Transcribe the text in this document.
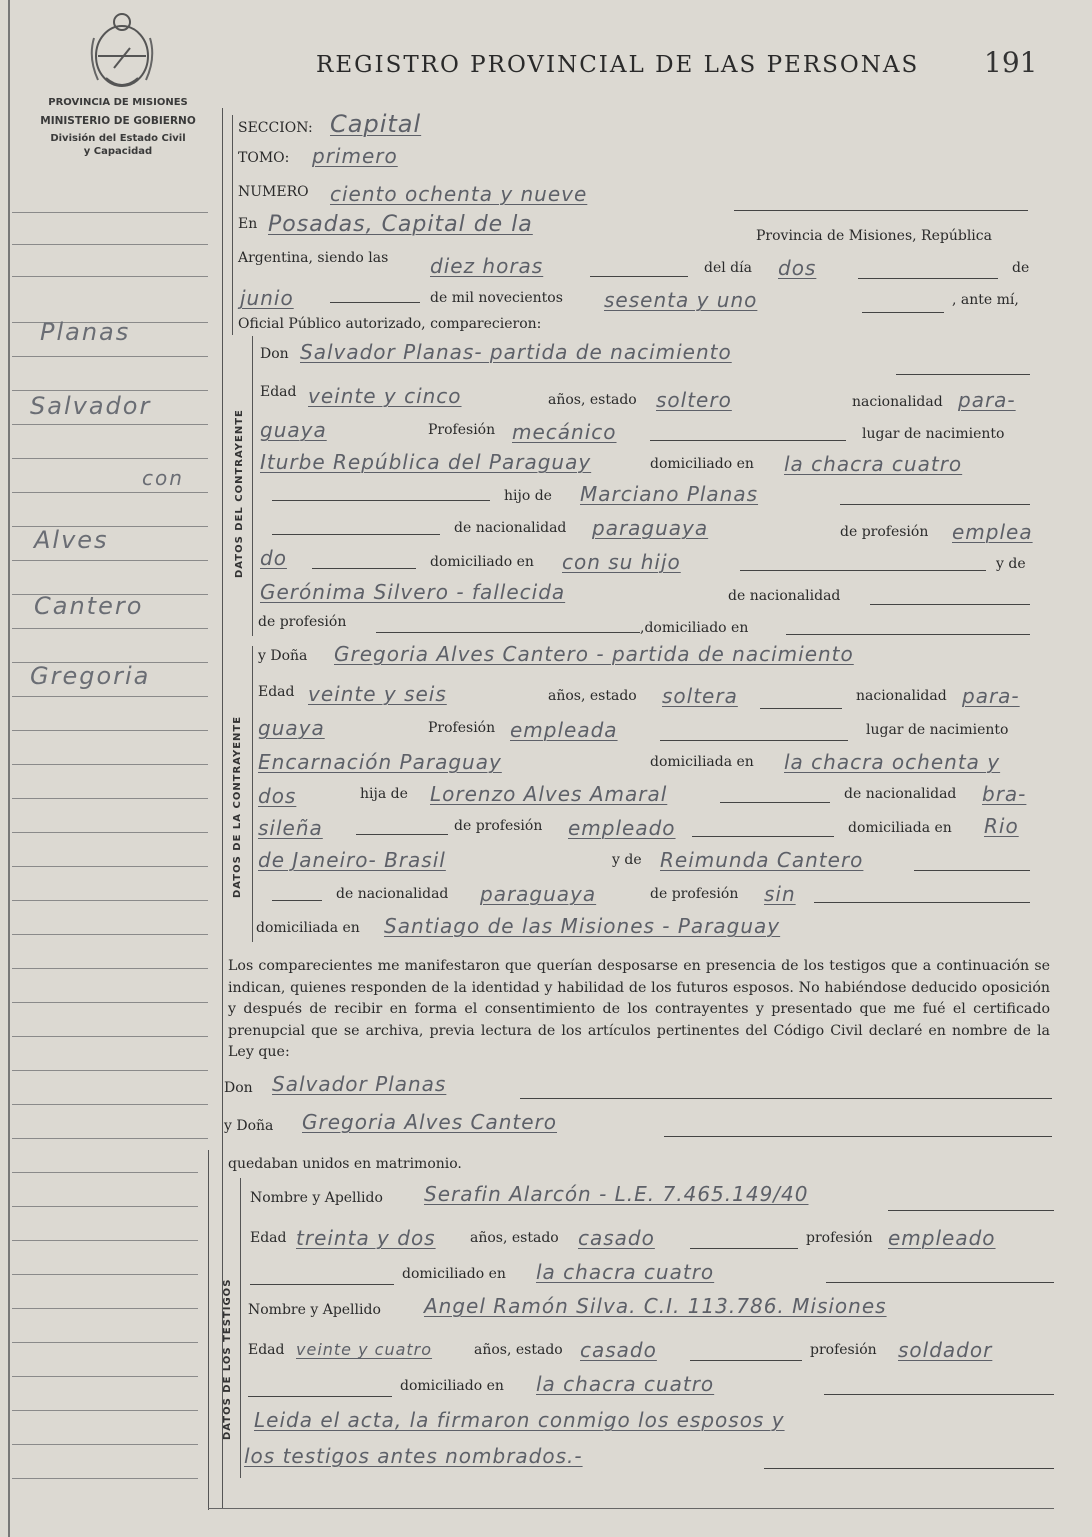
PROVINCIA DE MISIONES
MINISTERIO DE GOBIERNO
División del Estado Civil
y Capacidad
REGISTRO PROVINCIAL DE LAS PERSONAS 191
Planas
Salvador
con
Alves
Cantero
Gregoria
SECCION: Capital
TOMO: primero
NUMERO ciento ochenta y nueve
En Posadas, Capital de la	Provincia de Misiones, República
Argentina, siendo las diez horas	del día dos	de
junio	de mil novecientos sesenta y uno	, ante mí,
Oficial Público autorizado, comparecieron:
DATOS DEL CONTRAYENTE
Don Salvador Planas- partida de nacimiento
Edad veinte y cinco	años, estado soltero	nacionalidad para-
guaya	Profesión mecánico	lugar de nacimiento
Iturbe República del Paraguay	domiciliado en la chacra cuatro
hijo de Marciano Planas
de nacionalidad paraguaya	de profesión emplea
do	domiciliado en con su hijo	y de
Gerónima Silvero - fallecida	de nacionalidad
de profesión	,domiciliado en
DATOS DE LA CONTRAYENTE
y Doña Gregoria Alves Cantero - partida de nacimiento
Edad veinte y seis	años, estado soltera	nacionalidad para-
guaya	Profesión empleada	lugar de nacimiento
Encarnación Paraguay	domiciliada en la chacra ochenta y
dos	hija de Lorenzo Alves Amaral	de nacionalidad bra-
sileña	de profesión empleado	domiciliada en Rio
de Janeiro- Brasil	y de Reimunda Cantero
de nacionalidad paraguaya	de profesión sin
domiciliada en Santiago de las Misiones - Paraguay
Los comparecientes me manifestaron que querían desposarse en presencia de los testigos que a continuación se indican, quienes responden de la identidad y habilidad de los futuros esposos. No habiéndose deducido oposición y después de recibir en forma el consentimiento de los contrayentes y presentado que me fué el certificado prenupcial que se archiva, previa lectura de los artículos pertinentes del Código Civil declaré en nombre de la Ley que:
Don Salvador Planas
y Doña Gregoria Alves Cantero
quedaban unidos en matrimonio.
DATOS DE LOS TESTIGOS
Nombre y Apellido Serafin Alarcón - L.E. 7.465.149/40
Edad treinta y dos años, estado casado	profesión empleado
domiciliado en la chacra cuatro
Nombre y Apellido Angel Ramón Silva. C.I. 113.786. Misiones
Edad veinte y cuatro	años, estado casado	profesión soldador
domiciliado en la chacra cuatro
Leida el acta, la firmaron conmigo los esposos y
los testigos antes nombrados.-
